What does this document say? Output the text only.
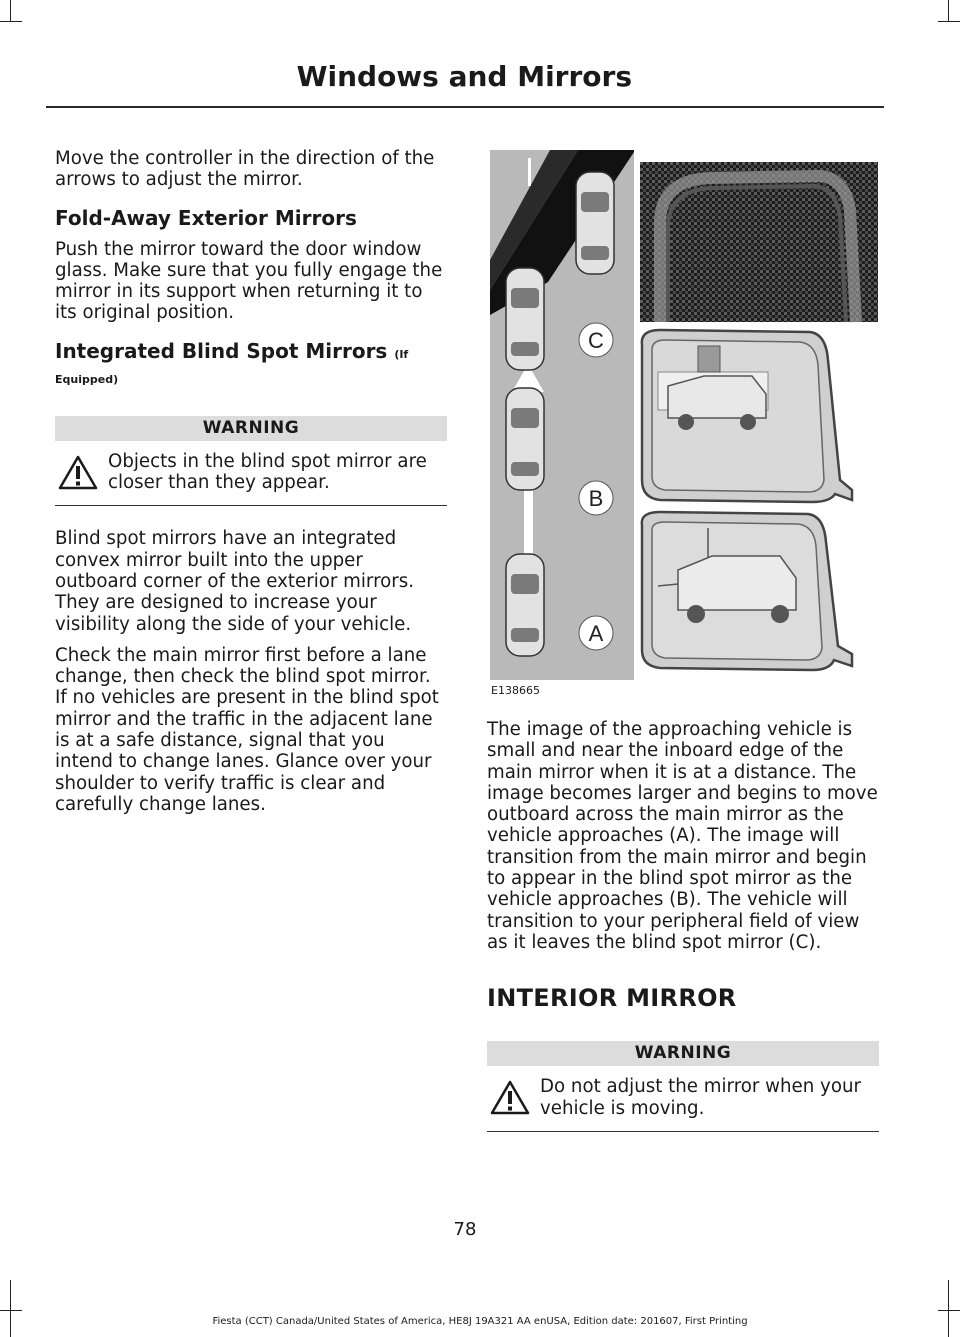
Windows and Mirrors

Move the controller in the direction of the arrows to adjust the mirror.

Fold-Away Exterior Mirrors

Push the mirror toward the door window glass. Make sure that you fully engage the mirror in its support when returning it to its original position.

Integrated Blind Spot Mirrors (If
Equipped)
WARNING

Objects in the blind spot mirror are closer than they appear.

Blind spot mirrors have an integrated convex mirror built into the upper outboard corner of the exterior mirrors. They are designed to increase your visibility along the side of your vehicle.

Check the main mirror first before a lane change, then check the blind spot mirror. If no vehicles are present in the blind spot mirror and the traffic in the adjacent lane is at a safe distance, signal that you intend to change lanes. Glance over your shoulder to verify traffic is clear and carefully change lanes.

C
B
A
E138665

The image of the approaching vehicle is small and near the inboard edge of the main mirror when it is at a distance. The image becomes larger and begins to move outboard across the main mirror as the vehicle approaches (A). The image will transition from the main mirror and begin to appear in the blind spot mirror as the vehicle approaches (B). The vehicle will transition to your peripheral field of view as it leaves the blind spot mirror (C).

INTERIOR MIRROR
WARNING

Do not adjust the mirror when your vehicle is moving.

78
Fiesta (CCT) Canada/United States of America, HE8J 19A321 AA enUSA, Edition date: 201607, First Printing
